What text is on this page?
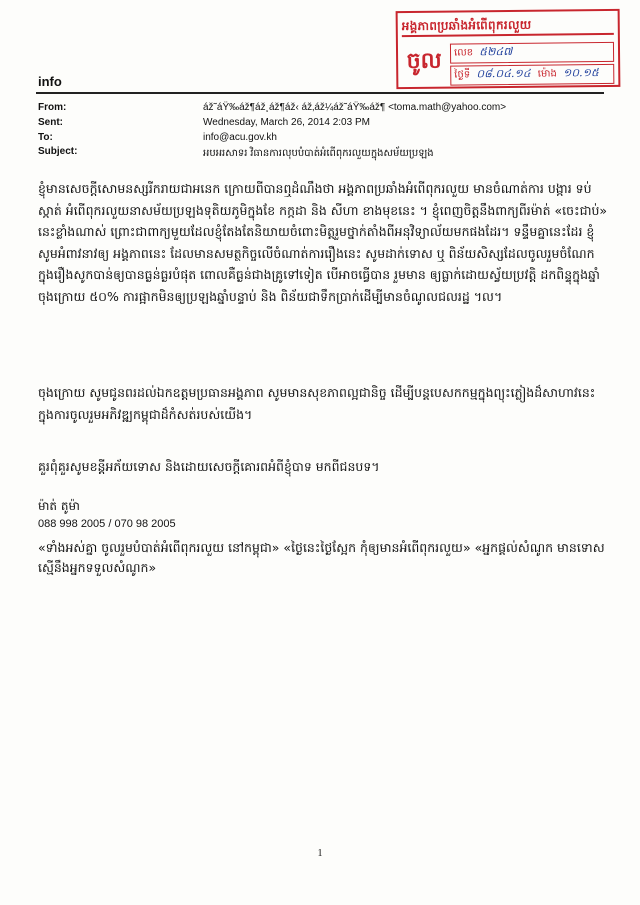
អង្គភាពប្រឆាំងអំពើពុករលួយ
ចូល	លេខ ៥២៤៧
ថ្ងៃទី ០៨.០៤.១៤ ម៉ោង ១០.១៥
info
From:	áž˜áŸ‰áž¶áž¸áž¶áž‹ áž‚áž¼áž˜áŸ‰áž¶ <toma.math@yahoo.com>
Sent:	Wednesday, March 26, 2014 2:03 PM
To:	info@acu.gov.kh
Subject:	អបអរសាទរ វិធានការលុបបំបាត់អំពើពុករលួយក្នុងសម័យប្រឡង

ខ្ញុំមានសេចក្តីសោមនស្សរីករាយជាអនេក ក្រោយពីបានឮដំណឹងថា អង្គភាពប្រឆាំងអំពើពុករលួយ មានចំណាត់ការ បង្ការ ទប់ស្កាត់ អំពើពុករលួយនាសម័យប្រឡងទុតិយភូមិក្នុងខែ កក្កដា និង សីហា ខាងមុខនេះ ។ ខ្ញុំពេញចិត្តនឹងពាក្យពីរម៉ាត់ «ចេះជាប់» នេះខ្លាំងណាស់ ព្រោះជាពាក្យមួយដែលខ្ញុំតែងតែនិយាយចំពោះមិត្តរួមថ្នាក់តាំងពីអនុវិទ្យាល័យមកផងដែរ។ ទន្ទឹមគ្នានេះដែរ ខ្ញុំសូមអំពាវនាវឲ្យ អង្គភាពនេះ ដែលមានសមត្ថកិច្ចលើចំណាត់ការរឿងនេះ សូមដាក់ទោស ឬ ពិន័យសិស្សដែលចូលរួមចំណែកក្នុងរឿងសូកបាន់ឲ្យបានធ្ងន់ធ្ងរបំផុត ពោលគឺធ្ងន់ជាងគ្រូទៅទៀត បើអាចធ្វើបាន រួមមាន ឲ្យធ្លាក់ដោយស្វ័យប្រវត្តិ ដកពិន្ទុក្នុងឆ្នាំចុងក្រោយ ៥០% ការផ្អាកមិនឲ្យប្រឡងឆ្នាំបន្ទាប់ និង ពិន័យជាទឹកប្រាក់ដើម្បីមានចំណូលជលរដ្ឋ ។ល។

ចុងក្រោយ សូមជូនពរដល់ឯកឧត្តមប្រធានអង្គភាព សូមមានសុខភាពល្អជានិច្ច ដើម្បីបន្តបេសកកម្មក្នុងព្យុះភ្លៀងដ៏សាហាវនេះ ក្នុងការចូលរួមអភិវឌ្ឍកម្ពុជាដ៏កំសត់របស់យើង។

គួរពុំគួរសូមខន្តីអភ័យទោស និងដោយសេចក្តីគោរពអំពីខ្ញុំបាទ មកពីជនបទ។

ម៉ាត់ តូម៉ា
088 998 2005 / 070 98 2005
«ទាំងអស់គ្នា ចូលរួមបំបាត់អំពើពុករលួយ នៅកម្ពុជា» «ថ្ងៃនេះថ្ងៃស្អែក កុំឲ្យមានអំពើពុករលួយ» «អ្នកផ្តល់សំណូក មានទោស ស្មើនឹងអ្នកទទួលសំណូក»
1
